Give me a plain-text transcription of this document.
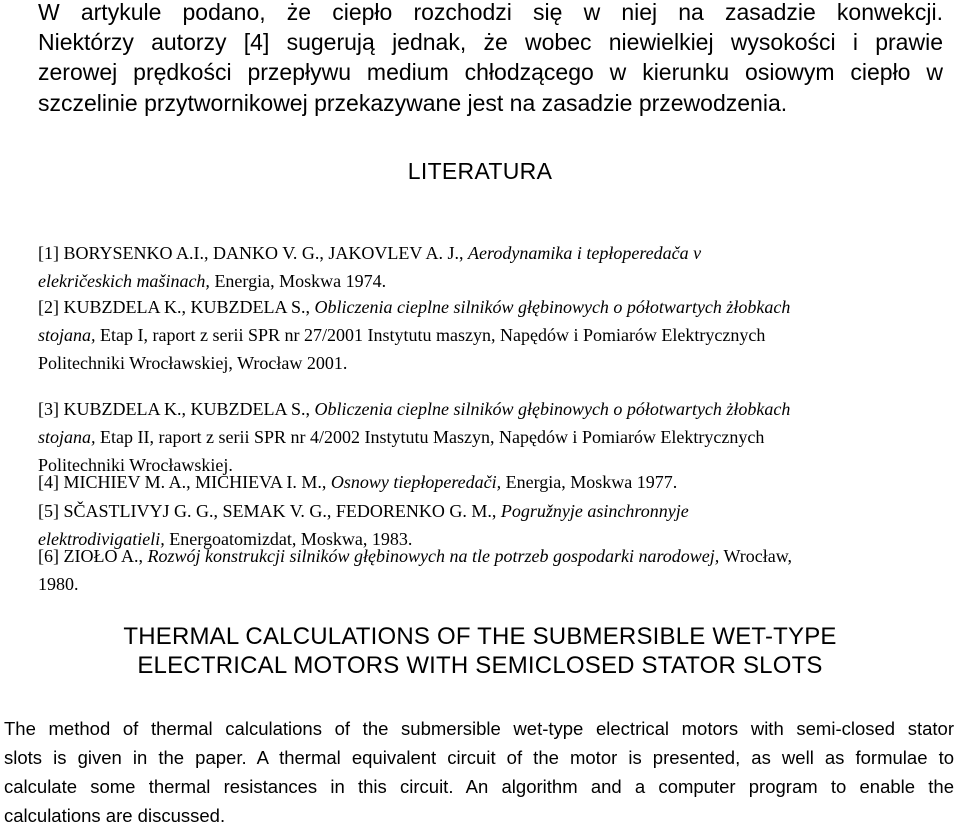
W artykule podano, że ciepło rozchodzi się w niej na zasadzie konwekcji.
Niektórzy autorzy [4] sugerują jednak, że wobec niewielkiej wysokości i prawie
zerowej prędkości przepływu medium chłodzącego w kierunku osiowym ciepło w
szczelinie przytwornikowej przekazywane jest na zasadzie przewodzenia.
LITERATURA
[1] BORYSENKO A.I., DANKO V. G., JAKOVLEV A. J., Aerodynamika i tepłoperedača v
elekričeskich mašinach, Energia, Moskwa 1974.
[2] KUBZDELA K., KUBZDELA S., Obliczenia cieplne silników głębinowych o półotwartych żłobkach
stojana, Etap I, raport z serii SPR nr 27/2001 Instytutu maszyn, Napędów i Pomiarów Elektrycznych
Politechniki Wrocławskiej, Wrocław 2001.
[3] KUBZDELA K., KUBZDELA S., Obliczenia cieplne silników głębinowych o półotwartych żłobkach
stojana, Etap II, raport z serii SPR nr 4/2002 Instytutu Maszyn, Napędów i Pomiarów Elektrycznych
Politechniki Wrocławskiej.
[4] MICHIEV M. A., MICHIEVA I. M., Osnowy tiepłoperedači, Energia, Moskwa 1977.
[5] SČASTLIVYJ G. G., SEMAK V. G., FEDORENKO G. M., Pogružnyje asinchronnyje
elektrodivigatieli, Energoatomizdat, Moskwa, 1983.
[6] ZIOŁO A., Rozwój konstrukcji silników głębinowych na tle potrzeb gospodarki narodowej, Wrocław,
1980.
THERMAL CALCULATIONS OF THE SUBMERSIBLE WET-TYPE
ELECTRICAL MOTORS WITH SEMICLOSED STATOR SLOTS
The method of thermal calculations of the submersible wet-type electrical motors with semi-closed stator
slots is given in the paper. A thermal equivalent circuit of the motor is presented, as well as formulae to
calculate some thermal resistances in this circuit. An algorithm and a computer program to enable the
calculations are discussed.
